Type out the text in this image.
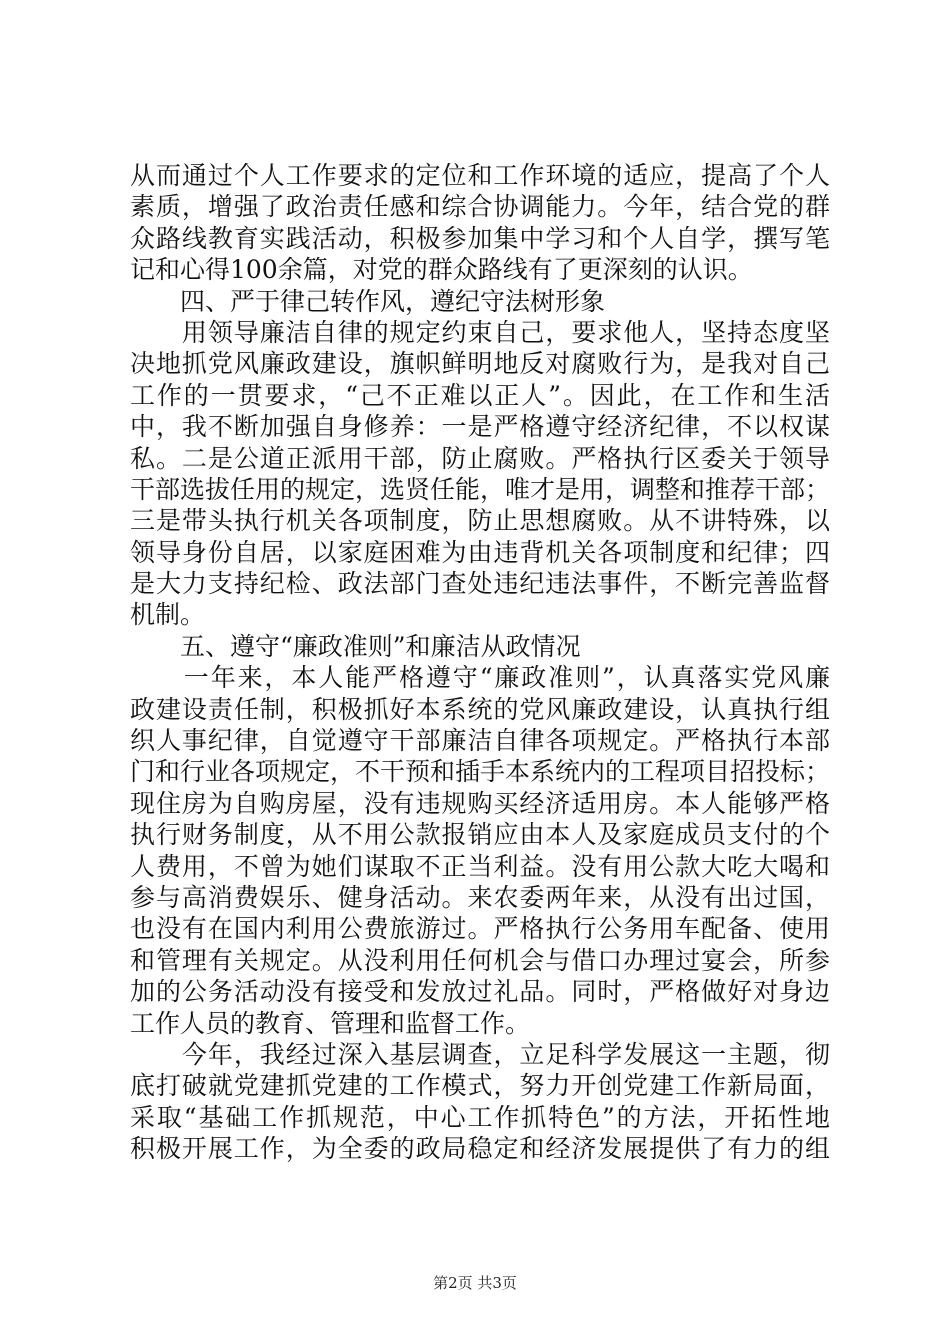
从而通过个人工作要求的定位和工作环境的适应，提高了个人
素质，增强了政治责任感和综合协调能力。今年，结合党的群
众路线教育实践活动，积极参加集中学习和个人自学，撰写笔
记和心得100余篇，对党的群众路线有了更深刻的认识。
　　四、严于律己转作风，遵纪守法树形象
　　用领导廉洁自律的规定约束自己，要求他人，坚持态度坚
决地抓党风廉政建设，旗帜鲜明地反对腐败行为，是我对自己
工作的一贯要求，“己不正难以正人”。因此，在工作和生活
中，我不断加强自身修养：一是严格遵守经济纪律，不以权谋
私。二是公道正派用干部，防止腐败。严格执行区委关于领导
干部选拔任用的规定，选贤任能，唯才是用，调整和推荐干部；
三是带头执行机关各项制度，防止思想腐败。从不讲特殊，以
领导身份自居，以家庭困难为由违背机关各项制度和纪律；四
是大力支持纪检、政法部门查处违纪违法事件，不断完善监督
机制。
　　五、遵守“廉政准则”和廉洁从政情况
　　一年来，本人能严格遵守“廉政准则”，认真落实党风廉
政建设责任制，积极抓好本系统的党风廉政建设，认真执行组
织人事纪律，自觉遵守干部廉洁自律各项规定。严格执行本部
门和行业各项规定，不干预和插手本系统内的工程项目招投标；
现住房为自购房屋，没有违规购买经济适用房。本人能够严格
执行财务制度，从不用公款报销应由本人及家庭成员支付的个
人费用，不曾为她们谋取不正当利益。没有用公款大吃大喝和
参与高消费娱乐、健身活动。来农委两年来，从没有出过国，
也没有在国内利用公费旅游过。严格执行公务用车配备、使用
和管理有关规定。从没利用任何机会与借口办理过宴会，所参
加的公务活动没有接受和发放过礼品。同时，严格做好对身边
工作人员的教育、管理和监督工作。
　　今年，我经过深入基层调查，立足科学发展这一主题，彻
底打破就党建抓党建的工作模式，努力开创党建工作新局面，
采取“基础工作抓规范，中心工作抓特色”的方法，开拓性地
积极开展工作，为全委的政局稳定和经济发展提供了有力的组
第2页 共3页
